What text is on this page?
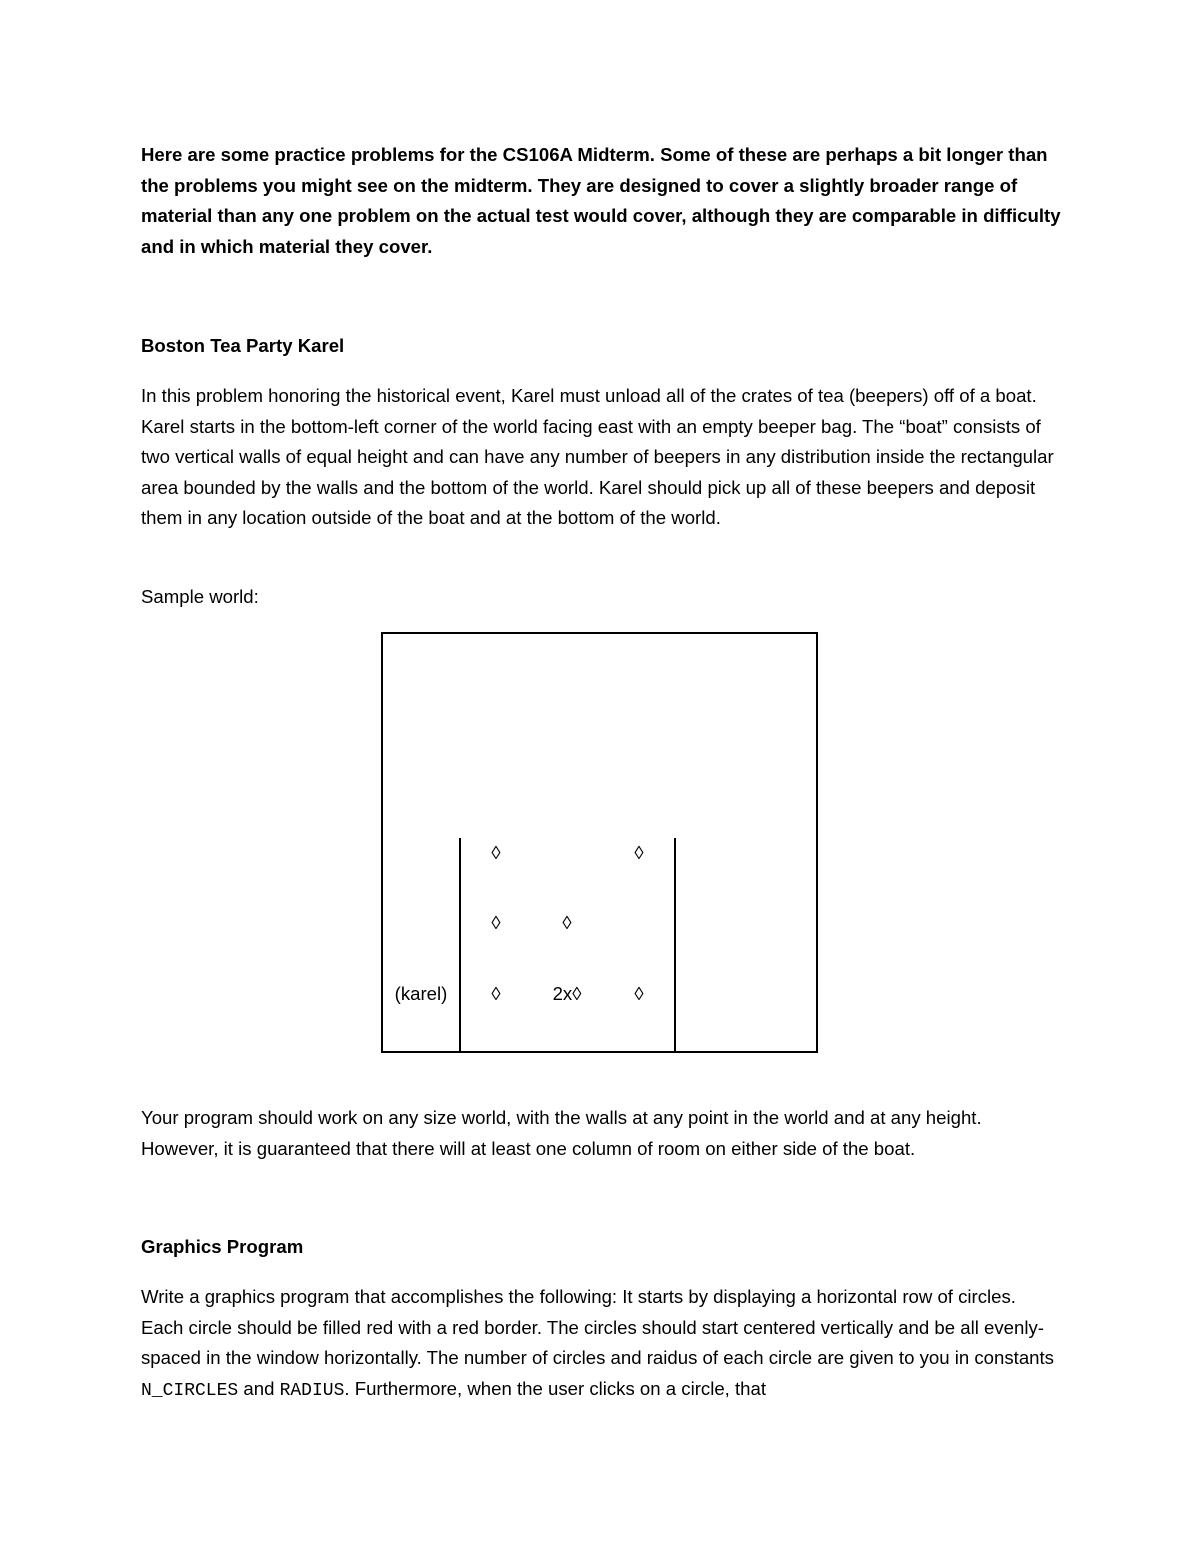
Here are some practice problems for the CS106A Midterm. Some of these are perhaps a bit longer than the problems you might see on the midterm. They are designed to cover a slightly broader range of material than any one problem on the actual test would cover, although they are comparable in difficulty and in which material they cover.

Boston Tea Party Karel

In this problem honoring the historical event, Karel must unload all of the crates of tea (beepers) off of a boat. Karel starts in the bottom-left corner of the world facing east with an empty beeper bag. The “boat” consists of two vertical walls of equal height and can have any number of beepers in any distribution inside the rectangular area bounded by the walls and the bottom of the world. Karel should pick up all of these beepers and deposit them in any location outside of the boat and at the bottom of the world.

Sample world:

◊	◊
◊	◊
(karel) ◊	2x◊	◊

Your program should work on any size world, with the walls at any point in the world and at any height. However, it is guaranteed that there will at least one column of room on either side of the boat.

Graphics Program

Write a graphics program that accomplishes the following: It starts by displaying a horizontal row of circles. Each circle should be filled red with a red border. The circles should start centered vertically and be all evenly-spaced in the window horizontally. The number of circles and raidus of each circle are given to you in constants N_CIRCLES and RADIUS. Furthermore, when the user clicks on a circle, that
